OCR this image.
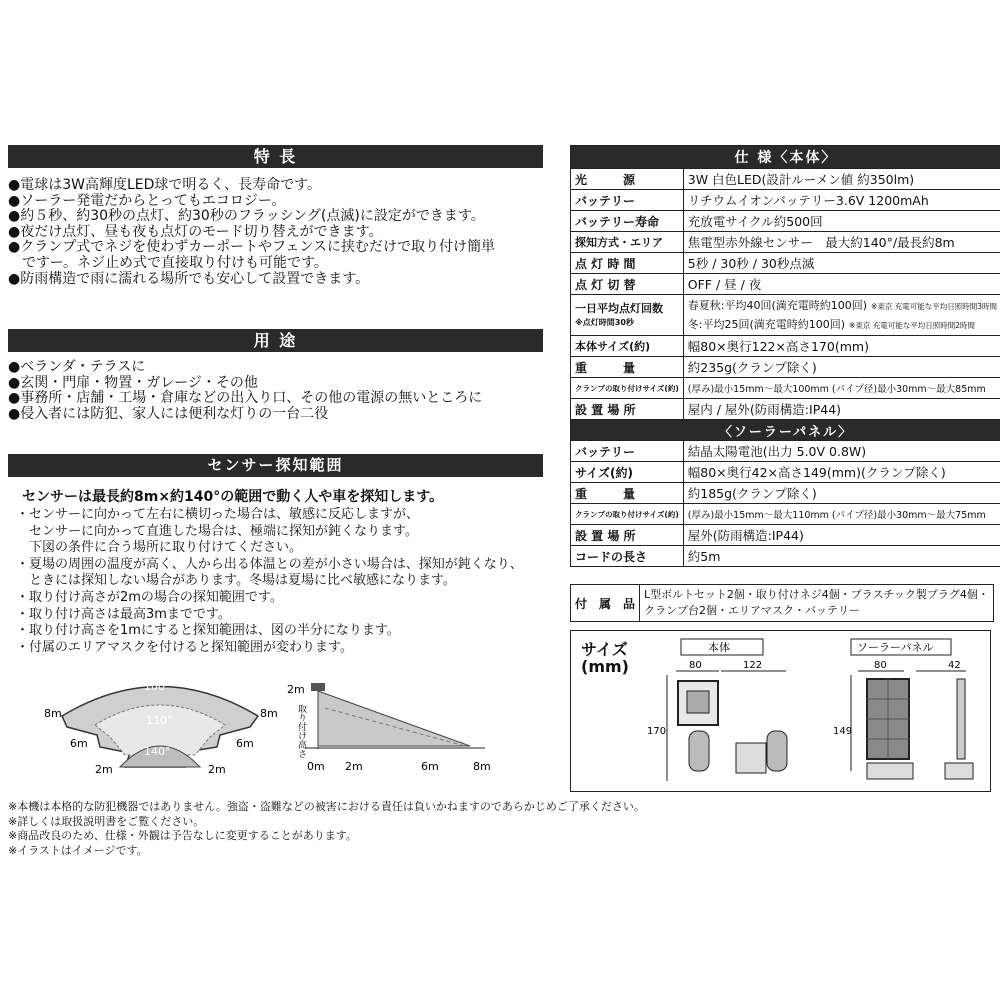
特 長
●電球は3W高輝度LED球で明るく、長寿命です。
●ソーラー発電だからとってもエコロジー。
●約５秒、約30秒の点灯、約30秒のフラッシング(点滅)に設定ができます。
●夜だけ点灯、昼も夜も点灯のモード切り替えができます。
●クランプ式でネジを使わずカーポートやフェンスに挟むだけで取り付け簡単
　ですー。ネジ止め式で直接取り付けも可能です。
●防雨構造で雨に濡れる場所でも安心して設置できます。
用 途
●ベランダ・テラスに
●玄関・門扉・物置・ガレージ・その他
●事務所・店舗・工場・倉庫などの出入り口、その他の電源の無いところに
●侵入者には防犯、家人には便利な灯りの一台二役
センサー探知範囲
センサーは最長約8m×約140°の範囲で動く人や車を探知します。
・センサーに向かって左右に横切った場合は、敏感に反応しますが、
　センサーに向かって直進した場合は、極端に探知が鈍くなります。
　下図の条件に合う場所に取り付けてください。
・夏場の周囲の温度が高く、人から出る体温との差が小さい場合は、探知が鈍くなり、
　ときには探知しない場合があります。冬場は夏場に比べ敏感になります。
・取り付け高さが2mの場合の探知範囲です。
・取り付け高さは最高3mまでです。
・取り付け高さを1mにすると探知範囲は、図の半分になります。
・付属のエリアマスクを付けると探知範囲が変わります。
100°
110°
140°
8m	8m
6m	6m
2m	2m
2m
取り付け高さ
0m 2m	6m	8m
仕 様〈本体〉	
光　　　源	3W 白色LED(設計ルーメン値 約350lm)
バッテリー	リチウムイオンバッテリー3.6V 1200mAh
バッテリー寿命	充放電サイクル約500回
探知方式・エリア	焦電型赤外線センサー　最大約140°/最長約8m
点 灯 時 間	5秒 / 30秒 / 30秒点滅
点 灯 切 替	OFF / 昼 / 夜
一日平均点灯回数
※点灯時間30秒	春夏秋:平均40回(満充電時約100回) ※東京 充電可能な平均日照時間3時間
冬:平均25回(満充電時約100回) ※東京 充電可能な平均日照時間2時間
本体サイズ(約)	幅80×奥行122×高さ170(mm)
重　　　量	約235g(クランプ除く)
クランプの取り付けサイズ(約)	(厚み)最小15mm〜最大100mm (パイプ径)最小30mm〜最大85mm
設 置 場 所	屋内 / 屋外(防雨構造:IP44)
〈ソーラーパネル〉	
バッテリー	結晶太陽電池(出力 5.0V 0.8W)
サイズ(約)	幅80×奥行42×高さ149(mm)(クランプ除く)
重　　　量	約185g(クランプ除く)
クランプの取り付けサイズ(約)	(厚み)最小15mm〜最大110mm (パイプ径)最小30mm〜最大75mm
設 置 場 所	屋外(防雨構造:IP44)
コードの長さ	約5m
付　属　品	L型ボルトセット2個・取り付けネジ4個・プラスチック製プラグ4個・
クランプ台2個・エリアマスク・バッテリー
サイズ
(mm)
本体	ソーラーパネル
80	122
170
80	42
149
※本機は本格的な防犯機器ではありません。強盗・盗難などの被害における責任は負いかねますのであらかじめご了承ください。
※詳しくは取扱説明書をご覧ください。
※商品改良のため、仕様・外観は予告なしに変更することがあります。
※イラストはイメージです。
